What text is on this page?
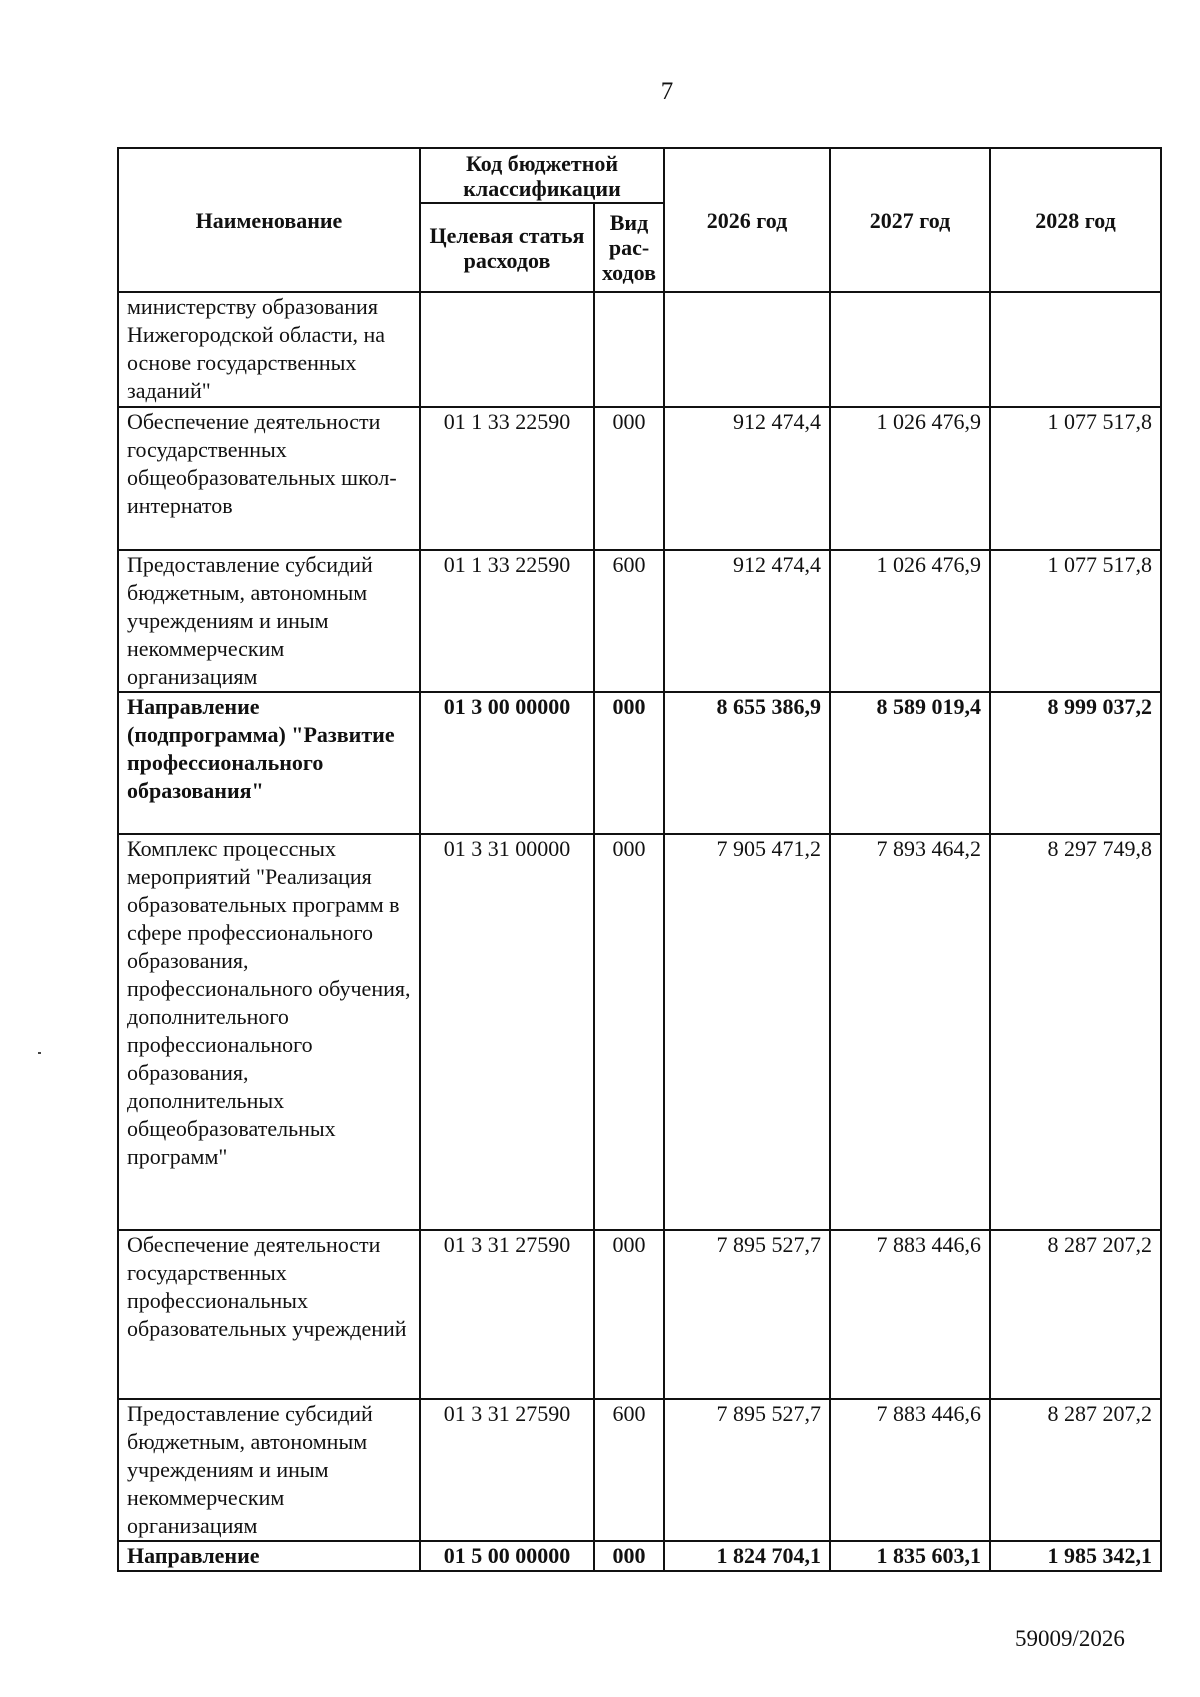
7
Наименование	Код бюджетной классификации		2026 год	2027 год	2028 год
	Целевая статья расходов	Вид рас-ходов			
министерству образования Нижегородской области, на основе государственных заданий"					
Обеспечение деятельности государственных общеобразовательных школ-интернатов	01 1 33 22590	000	912 474,4	1 026 476,9	1 077 517,8
Предоставление субсидий бюджетным, автономным учреждениям и иным некоммерческим организациям	01 1 33 22590	600	912 474,4	1 026 476,9	1 077 517,8
Направление (подпрограмма) "Развитие профессионального образования"	01 3 00 00000	000	8 655 386,9	8 589 019,4	8 999 037,2
Комплекс процессных мероприятий "Реализация образовательных программ в сфере профессионального образования, профессионального обучения, дополнительного профессионального образования, дополнительных общеобразовательных программ"	01 3 31 00000	000	7 905 471,2	7 893 464,2	8 297 749,8
Обеспечение деятельности государственных профессиональных образовательных учреждений	01 3 31 27590	000	7 895 527,7	7 883 446,6	8 287 207,2
Предоставление субсидий бюджетным, автономным учреждениям и иным некоммерческим организациям	01 3 31 27590	600	7 895 527,7	7 883 446,6	8 287 207,2
Направление	01 5 00 00000	000	1 824 704,1	1 835 603,1	1 985 342,1
59009/2026
